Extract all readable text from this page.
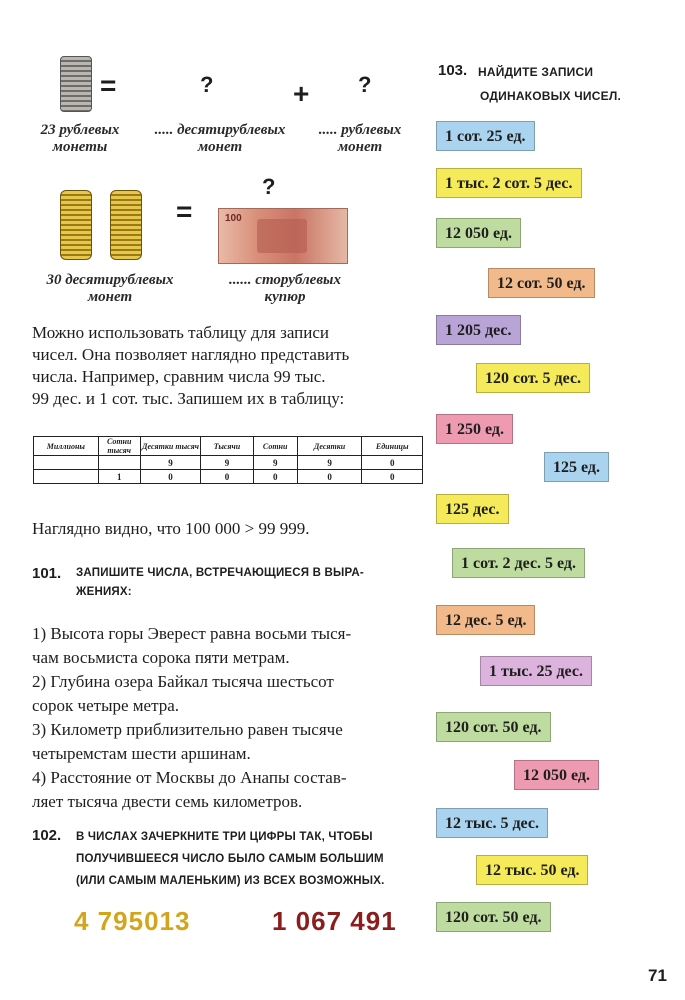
=	?	+ ?
23 рублевых
монеты
..... десятирублевых
монет
..... рублевых
монет
=
?
100
30 десятирублевых
монет
...... сторублевых
купюр
Можно использовать таблицу для записи
чисел. Она позволяет наглядно представить
числа. Например, сравним числа 99 тыс.
99 дес. и 1 сот. тыс. Запишем их в таблицу:
Миллионы	Сотни тысяч	Десятки тысяч	Тысячи	Сотни	Десятки	Единицы
		9	9	9	9	0
	1	0	0	0	0	0
Наглядно видно, что 100 000 > 99 999.
101. ЗАПИШИТЕ ЧИСЛА, ВСТРЕЧАЮЩИЕСЯ В ВЫРА-
ЖЕНИЯХ:
1) Высота горы Эверест равна восьми тыся-
чам восьмиста сорока пяти метрам.
2) Глубина озера Байкал тысяча шестьсот
сорок четыре метра.
3) Километр приблизительно равен тысяче
четыремстам шести аршинам.
4) Расстояние от Москвы до Анапы состав-
ляет тысяча двести семь километров.
102. В ЧИСЛАХ ЗАЧЕРКНИТЕ ТРИ ЦИФРЫ ТАК, ЧТОБЫ
ПОЛУЧИВШЕЕСЯ ЧИСЛО БЫЛО САМЫМ БОЛЬШИМ
(ИЛИ САМЫМ МАЛЕНЬКИМ) ИЗ ВСЕХ ВОЗМОЖНЫХ.
4 795013	1 067 491
103. НАЙДИТЕ ЗАПИСИ
ОДИНАКОВЫХ ЧИСЕЛ.
1 сот. 25 ед.
1 тыс. 2 сот. 5 дес.
12 050 ед.
12 сот. 50 ед.
1 205 дес.
120 сот. 5 дес.
1 250 ед.
125 ед.
125 дес.
1 сот. 2 дес. 5 ед.
12 дес. 5 ед.
1 тыс. 25 дес.
120 сот. 50 ед.
12 050 ед.
12 тыс. 5 дес.
12 тыс. 50 ед.
120 сот. 50 ед.
71
